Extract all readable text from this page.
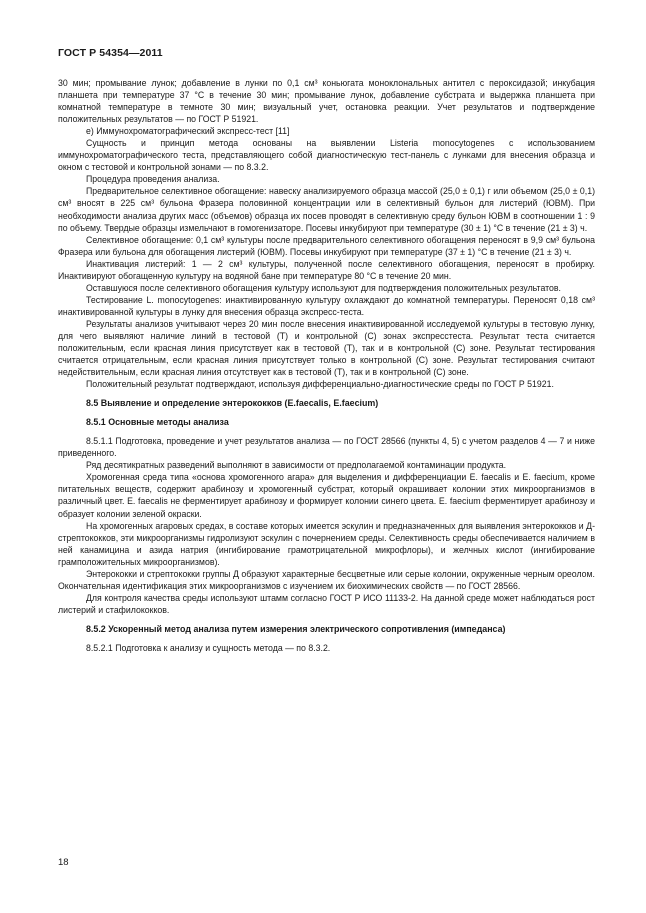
ГОСТ Р 54354—2011

30 мин; промывание лунок; добавление в лунки по 0,1 см³ коньюгата моноклональных антител с пероксидазой; инкубация планшета при температуре 37 °С в течение 30 мин; промывание лунок, добавление субстрата и выдержка планшета при комнатной температуре в темноте 30 мин; визуальный учет, остановка реакции. Учет результатов и подтверждение положительных результатов — по ГОСТ Р 51921.

е) Иммунохроматографический экспресс-тест [11]

Сущность и принцип метода основаны на выявлении Listeria monocytogenes с использованием иммунохроматографического теста, представляющего собой диагностическую тест-панель с лунками для внесения образца и окном с тестовой и контрольной зонами — по 8.3.2.

Процедура проведения анализа.

Предварительное селективное обогащение: навеску анализируемого образца массой (25,0 ± 0,1) г или объемом (25,0 ± 0,1) см³ вносят в 225 см³ бульона Фразера половинной концентрации или в селективный бульон для листерий (ЮВМ). При необходимости анализа других масс (объемов) образца их посев проводят в селективную среду бульон ЮВМ в соотношении 1 : 9 по объему. Твердые образцы измельчают в гомогенизаторе. Посевы инкубируют при температуре (30 ± 1) °С в течение (21 ± 3) ч.

Селективное обогащение: 0,1 см³ культуры после предварительного селективного обогащения переносят в 9,9 см³ бульона Фразера или бульона для обогащения листерий (ЮВМ). Посевы инкубируют при температуре (37 ± 1) °С в течение (21 ± 3) ч.

Инактивация листерий: 1 — 2 см³ культуры, полученной после селективного обогащения, переносят в пробирку. Инактивируют обогащенную культуру на водяной бане при температуре 80 °С в течение 20 мин.

Оставшуюся после селективного обогащения культуру используют для подтверждения положительных результатов.

Тестирование L. monocytogenes: инактивированную культуру охлаждают до комнатной температуры. Переносят 0,18 см³ инактивированной культуры в лунку для внесения образца экспресс-теста.

Результаты анализов учитывают через 20 мин после внесения инактивированной исследуемой культуры в тестовую лунку, для чего выявляют наличие линий в тестовой (Т) и контрольной (С) зонах экспресстеста. Результат теста считается положительным, если красная линия присутствует как в тестовой (Т), так и в контрольной (С) зоне. Результат тестирования считается отрицательным, если красная линия присутствует только в контрольной (С) зоне. Результат тестирования считают недействительным, если красная линия отсутствует как в тестовой (Т), так и в контрольной (С) зоне.

Положительный результат подтверждают, используя дифференциально-диагностические среды по ГОСТ Р 51921.

8.5 Выявление и определение энтерококков (E.faecalis, E.faecium)
8.5.1 Основные методы анализа

8.5.1.1 Подготовка, проведение и учет результатов анализа — по ГОСТ 28566 (пункты 4, 5) с учетом разделов 4 — 7 и ниже приведенного.

Ряд десятикратных разведений выполняют в зависимости от предполагаемой контаминации продукта.

Хромогенная среда типа «основа хромогенного агара» для выделения и дифференциации E. faecalis и E. faecium, кроме питательных веществ, содержит арабинозу и хромогенный субстрат, который окрашивает колонии этих микроорганизмов в различный цвет. E. faecalis не ферментирует арабинозу и формирует колонии синего цвета. E. faecium ферментирует арабинозу и образует колонии зеленой окраски.

На хромогенных агаровых средах, в составе которых имеется эскулин и предназначенных для выявления энтерококков и Д-стрептококков, эти микроорганизмы гидролизуют эскулин с почернением среды. Селективность среды обеспечивается наличием в ней канамицина и азида натрия (ингибирование грамотрицательной микрофлоры), и желчных кислот (ингибирование грамположительных микроорганизмов).

Энтерококки и стрептококки группы Д образуют характерные бесцветные или серые колонии, окруженные черным ореолом. Окончательная идентификация этих микроорганизмов с изучением их биохимических свойств — по ГОСТ 28566.

Для контроля качества среды используют штамм согласно ГОСТ Р ИСО 11133-2. На данной среде может наблюдаться рост листерий и стафилококков.

8.5.2 Ускоренный метод анализа путем измерения электрического сопротивления (импеданса)

8.5.2.1 Подготовка к анализу и сущность метода — по 8.3.2.

18
